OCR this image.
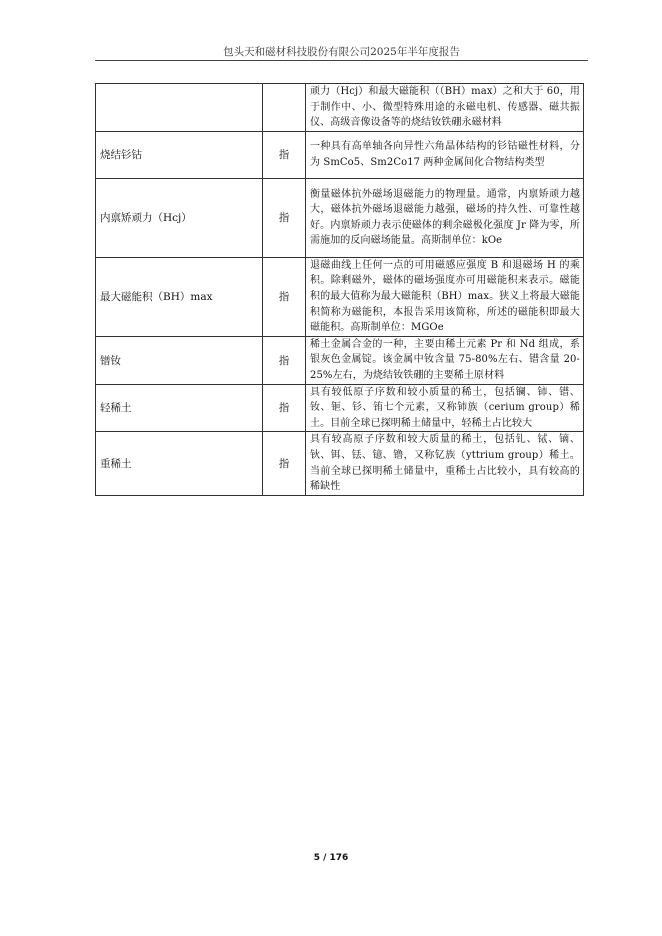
包头天和磁材科技股份有限公司2025年半年度报告
		顽力（Hcj）和最大磁能积（（BH）max）之和大于 60，用于制作中、小、微型特殊用途的永磁电机、传感器、磁共振仪、高级音像设备等的烧结钕铁硼永磁材料
烧结钐钴	指	一种具有高单轴各向异性六角晶体结构的钐钴磁性材料，分为 SmCo5、Sm2Co17 两种金属间化合物结构类型
内禀矫顽力（Hcj）	指	衡量磁体抗外磁场退磁能力的物理量。通常，内禀矫顽力越大，磁体抗外磁场退磁能力越强，磁场的持久性、可靠性越好。内禀矫顽力表示使磁体的剩余磁极化强度 Jr 降为零，所需施加的反向磁场能量。高斯制单位：kOe
最大磁能积（BH）max	指	退磁曲线上任何一点的可用磁感应强度 B 和退磁场 H 的乘积。除剩磁外，磁体的磁场强度亦可用磁能积来表示。磁能积的最大值称为最大磁能积（BH）max。狭义上将最大磁能积简称为磁能积，本报告采用该简称，所述的磁能积即最大磁能积。高斯制单位：MGOe
镨钕	指	稀土金属合金的一种，主要由稀土元素 Pr 和 Nd 组成，系银灰色金属锭。该金属中钕含量 75-80%左右、镨含量 20-25%左右，为烧结钕铁硼的主要稀土原材料
轻稀土	指	具有较低原子序数和较小质量的稀土，包括镧、铈、镨、钕、钷、钐、铕七个元素，又称铈族（cerium group）稀土。目前全球已探明稀土储量中，轻稀土占比较大
重稀土	指	具有较高原子序数和较大质量的稀土，包括钆、铽、镝、钬、铒、铥、镱、镥，又称钇族（yttrium group）稀土。当前全球已探明稀土储量中，重稀土占比较小，具有较高的稀缺性
5 / 176
